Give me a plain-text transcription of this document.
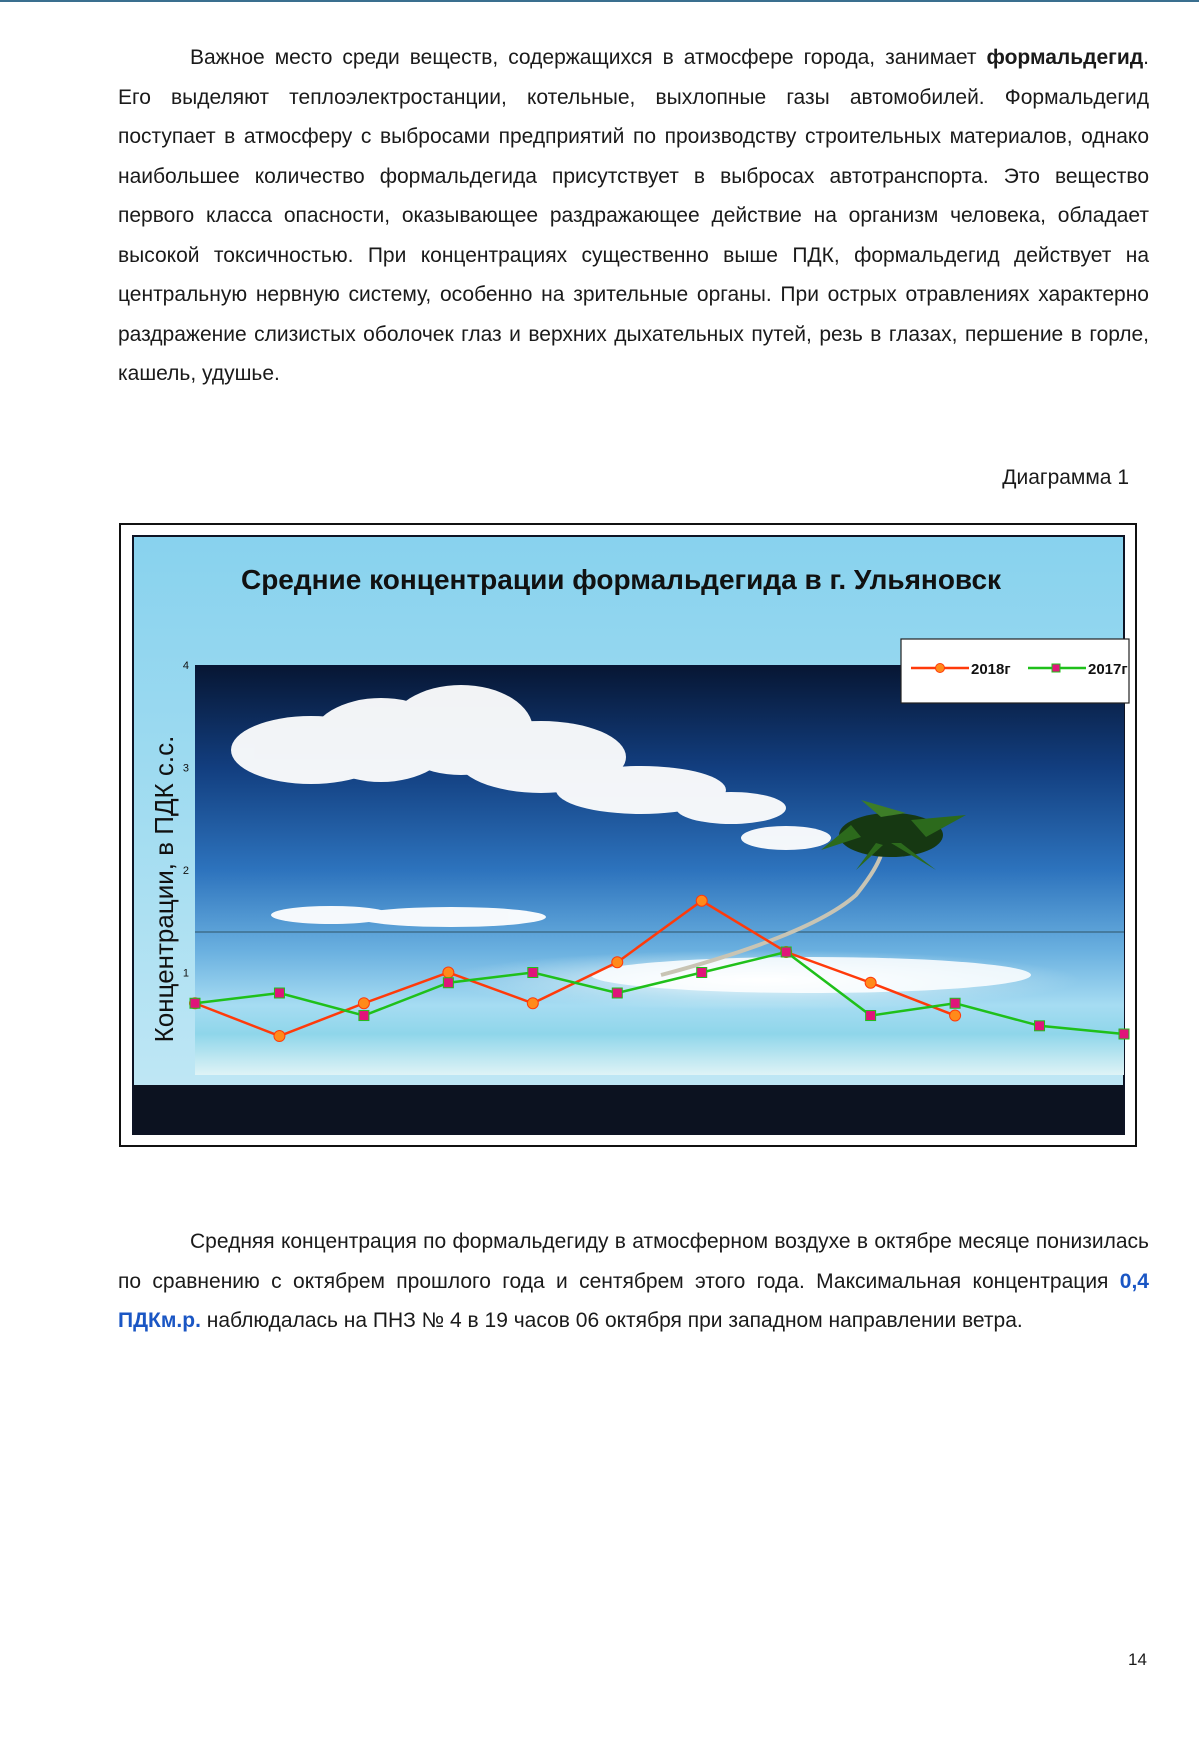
Важное место среди веществ, содержащихся в атмосфере города, занимает формальдегид. Его выделяют теплоэлектростанции, котельные, выхлопные газы автомобилей. Формальдегид поступает в атмосферу с выбросами предприятий по производству строительных материалов, однако наибольшее количество формальдегида присутствует в выбросах автотранспорта. Это вещество первого класса опасности, оказывающее раздражающее действие на организм человека, обладает высокой токсичностью. При концентрациях существенно выше ПДК, формальдегид действует на центральную нервную систему, особенно на зрительные органы. При острых отравлениях характерно раздражение слизистых оболочек глаз и верхних дыхательных путей, резь в глазах, першение в горле, кашель, удушье.

Диаграмма 1
Средние концентрации формальдегида в г. Ульяновск
Концентрации, в ПДК с.с. 1
2
3
4	2018г	2017г

Средняя концентрация по формальдегиду в атмосферном воздухе в октябре месяце понизилась по сравнению с октябрем прошлого года и сентябрем этого года. Максимальная концентрация 0,4 ПДКм.р. наблюдалась на ПНЗ № 4 в 19 часов 06 октября при западном направлении ветра.

14
